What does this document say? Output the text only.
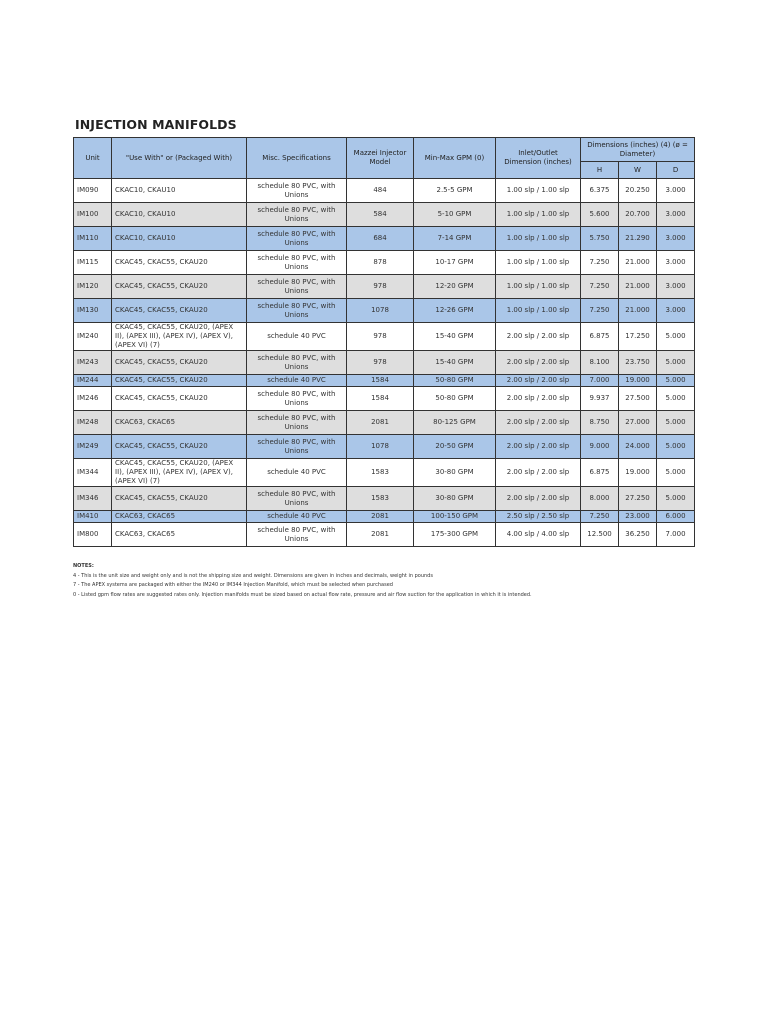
INJECTION MANIFOLDS
Unit	"Use With" or (Packaged With)	Misc. Specifications	Mazzei Injector Model	Min-Max GPM (0)	Inlet/Outlet Dimension (inches)	Dimensions (inches) (4) (ø = Diameter)		
						H	W	D
IM090	CKAC10, CKAU10	schedule 80 PVC, with Unions	484	2.5-5 GPM	1.00 slp / 1.00 slp	6.375	20.250	3.000
IM100	CKAC10, CKAU10	schedule 80 PVC, with Unions	584	5-10 GPM	1.00 slp / 1.00 slp	5.600	20.700	3.000
IM110	CKAC10, CKAU10	schedule 80 PVC, with Unions	684	7-14 GPM	1.00 slp / 1.00 slp	5.750	21.290	3.000
IM115	CKAC45, CKAC55, CKAU20	schedule 80 PVC, with Unions	878	10-17 GPM	1.00 slp / 1.00 slp	7.250	21.000	3.000
IM120	CKAC45, CKAC55, CKAU20	schedule 80 PVC, with Unions	978	12-20 GPM	1.00 slp / 1.00 slp	7.250	21.000	3.000
IM130	CKAC45, CKAC55, CKAU20	schedule 80 PVC, with Unions	1078	12-26 GPM	1.00 slp / 1.00 slp	7.250	21.000	3.000
IM240	CKAC45, CKAC55, CKAU20, (APEX II), (APEX III), (APEX IV), (APEX V), (APEX VI) (7)	schedule 40 PVC	978	15-40 GPM	2.00 slp / 2.00 slp	6.875	17.250	5.000
IM243	CKAC45, CKAC55, CKAU20	schedule 80 PVC, with Unions	978	15-40 GPM	2.00 slp / 2.00 slp	8.100	23.750	5.000
IM244	CKAC45, CKAC55, CKAU20	schedule 40 PVC	1584	50-80 GPM	2.00 slp / 2.00 slp	7.000	19.000	5.000
IM246	CKAC45, CKAC55, CKAU20	schedule 80 PVC, with Unions	1584	50-80 GPM	2.00 slp / 2.00 slp	9.937	27.500	5.000
IM248	CKAC63, CKAC65	schedule 80 PVC, with Unions	2081	80-125 GPM	2.00 slp / 2.00 slp	8.750	27.000	5.000
IM249	CKAC45, CKAC55, CKAU20	schedule 80 PVC, with Unions	1078	20-50 GPM	2.00 slp / 2.00 slp	9.000	24.000	5.000
IM344	CKAC45, CKAC55, CKAU20, (APEX II), (APEX III), (APEX IV), (APEX V), (APEX VI) (7)	schedule 40 PVC	1583	30-80 GPM	2.00 slp / 2.00 slp	6.875	19.000	5.000
IM346	CKAC45, CKAC55, CKAU20	schedule 80 PVC, with Unions	1583	30-80 GPM	2.00 slp / 2.00 slp	8.000	27.250	5.000
IM410	CKAC63, CKAC65	schedule 40 PVC	2081	100-150 GPM	2.50 slp / 2.50 slp	7.250	23.000	6.000
IM800	CKAC63, CKAC65	schedule 80 PVC, with Unions	2081	175-300 GPM	4.00 slp / 4.00 slp	12.500	36.250	7.000
NOTES:
4 - This is the unit size and weight only and is not the shipping size and weight. Dimensions are given in inches and decimals, weight in pounds
7 - The APEX systems are packaged with either the IM240 or IM344 Injection Manifold, which must be selected when purchased
0 - Listed gpm flow rates are suggested rates only. Injection manifolds must be sized based on actual flow rate, pressure and air flow suction for the application in which it is intended.
